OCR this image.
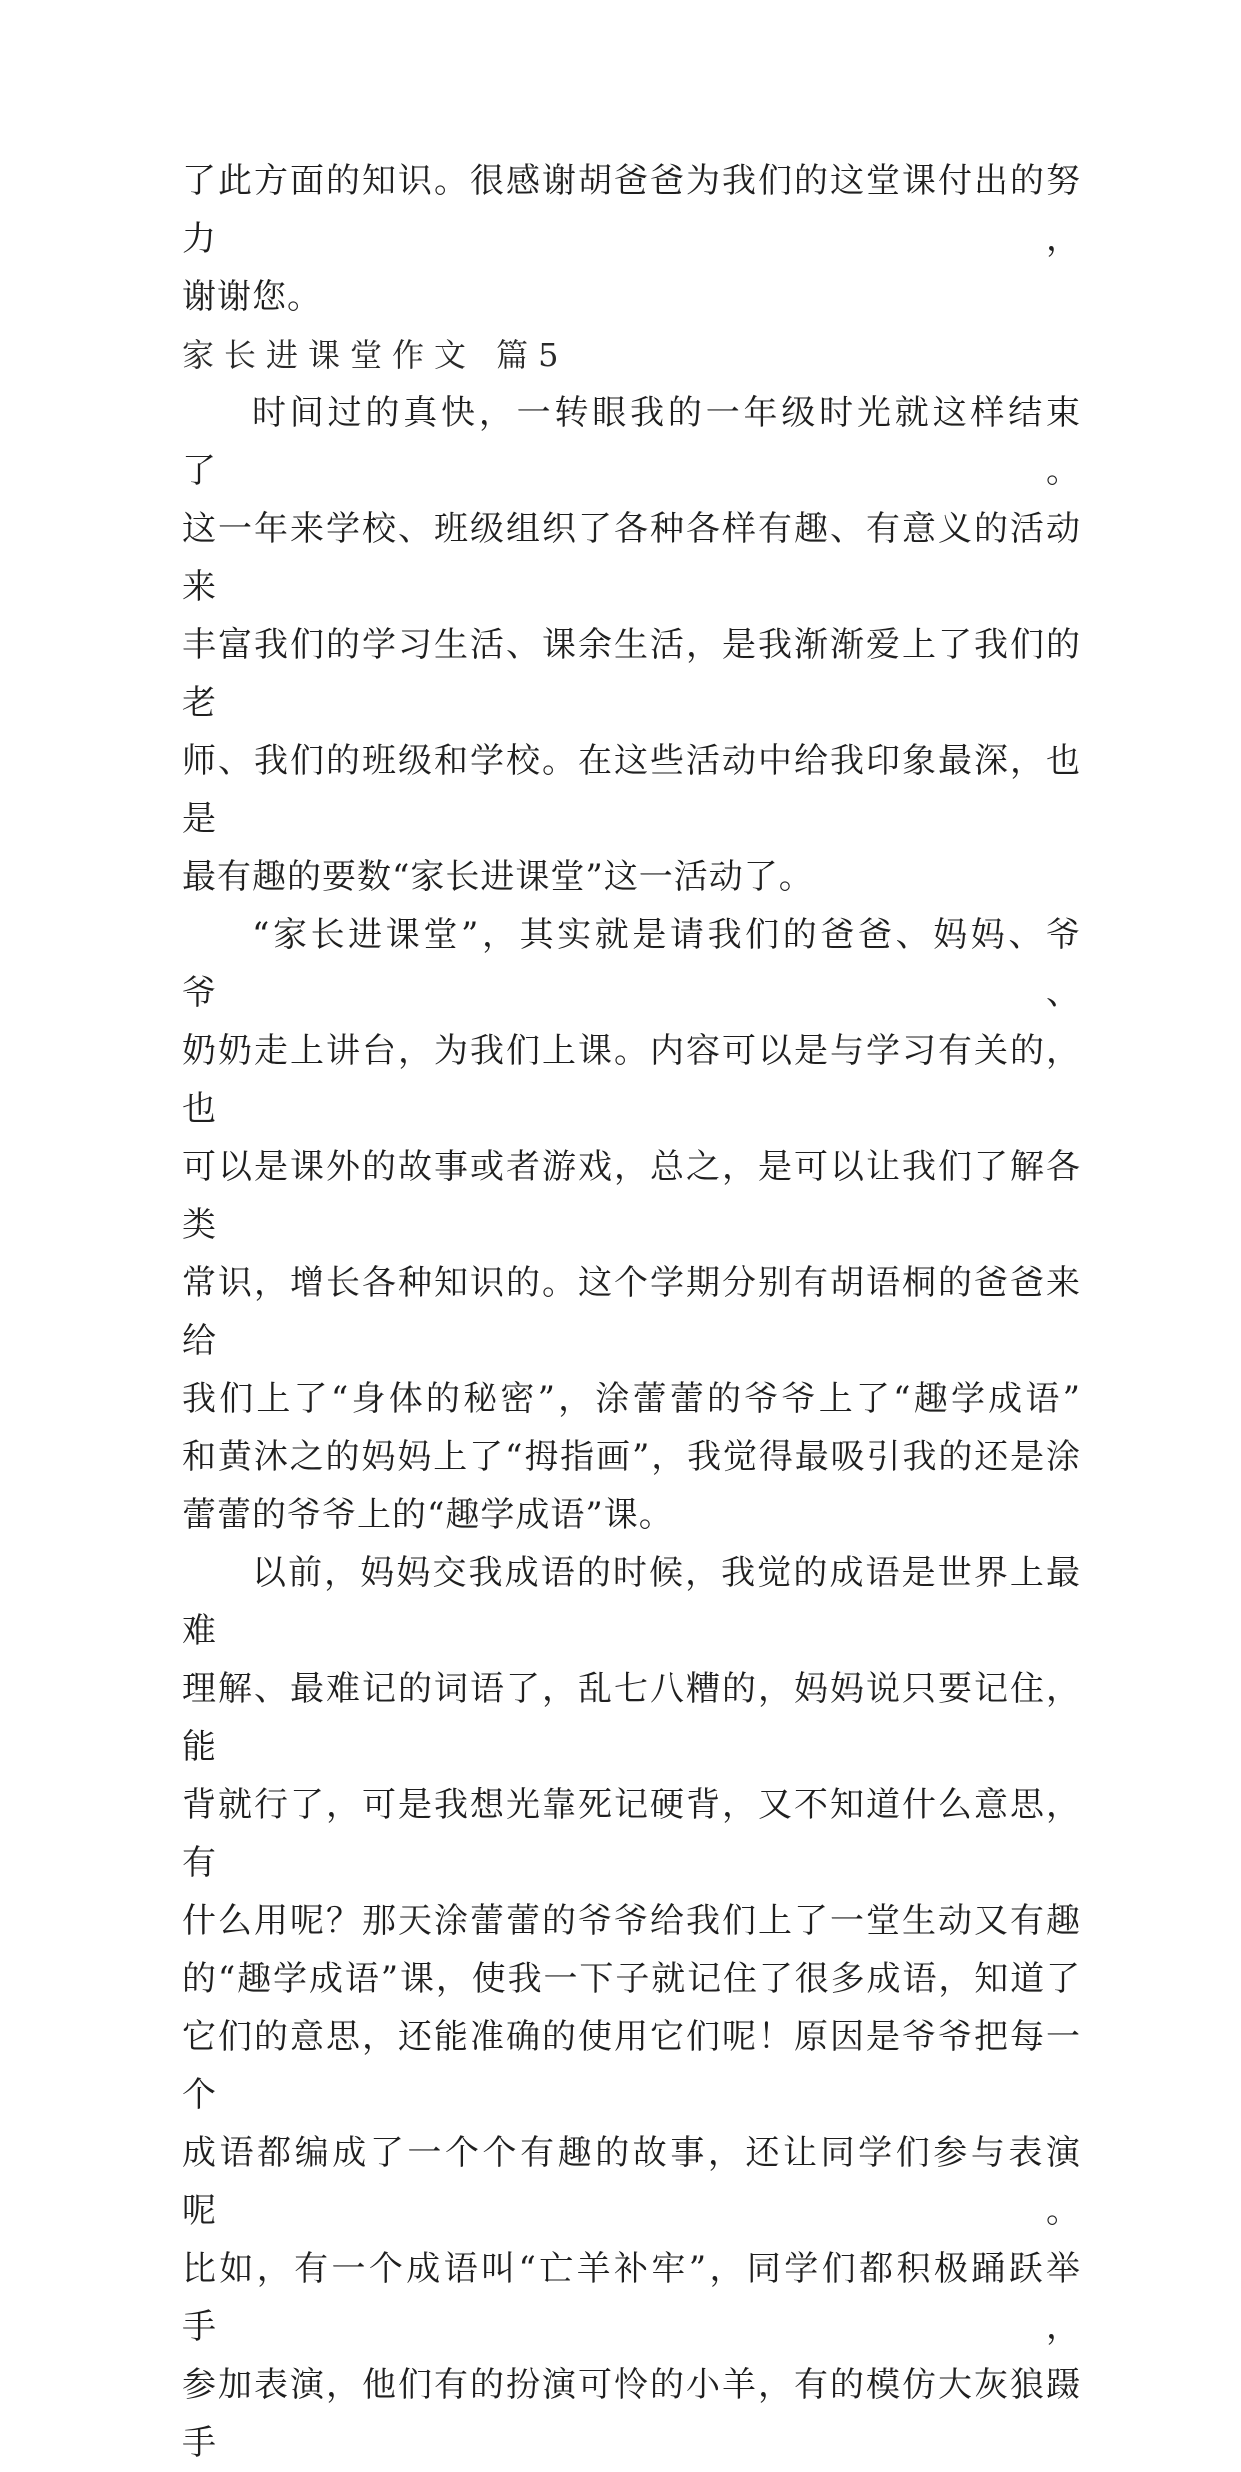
了此方面的知识。很感谢胡爸爸为我们的这堂课付出的努力，
谢谢您。
家长进课堂作文 篇5
时间过的真快，一转眼我的一年级时光就这样结束了。
这一年来学校、班级组织了各种各样有趣、有意义的活动来
丰富我们的学习生活、课余生活，是我渐渐爱上了我们的老
师、我们的班级和学校。在这些活动中给我印象最深，也是
最有趣的要数“家长进课堂”这一活动了。
“家长进课堂”，其实就是请我们的爸爸、妈妈、爷爷、
奶奶走上讲台，为我们上课。内容可以是与学习有关的，也
可以是课外的故事或者游戏，总之，是可以让我们了解各类
常识，增长各种知识的。这个学期分别有胡语桐的爸爸来给
我们上了“身体的秘密”，涂蕾蕾的爷爷上了“趣学成语”
和黄沐之的妈妈上了“拇指画”，我觉得最吸引我的还是涂
蕾蕾的爷爷上的“趣学成语”课。
以前，妈妈交我成语的时候，我觉的成语是世界上最难
理解、最难记的词语了，乱七八糟的，妈妈说只要记住，能
背就行了，可是我想光靠死记硬背，又不知道什么意思，有
什么用呢？那天涂蕾蕾的爷爷给我们上了一堂生动又有趣
的“趣学成语”课，使我一下子就记住了很多成语，知道了
它们的意思，还能准确的使用它们呢！原因是爷爷把每一个
成语都编成了一个个有趣的故事，还让同学们参与表演呢。
比如，有一个成语叫“亡羊补牢”，同学们都积极踊跃举手，
参加表演，他们有的扮演可怜的小羊，有的模仿大灰狼蹑手
